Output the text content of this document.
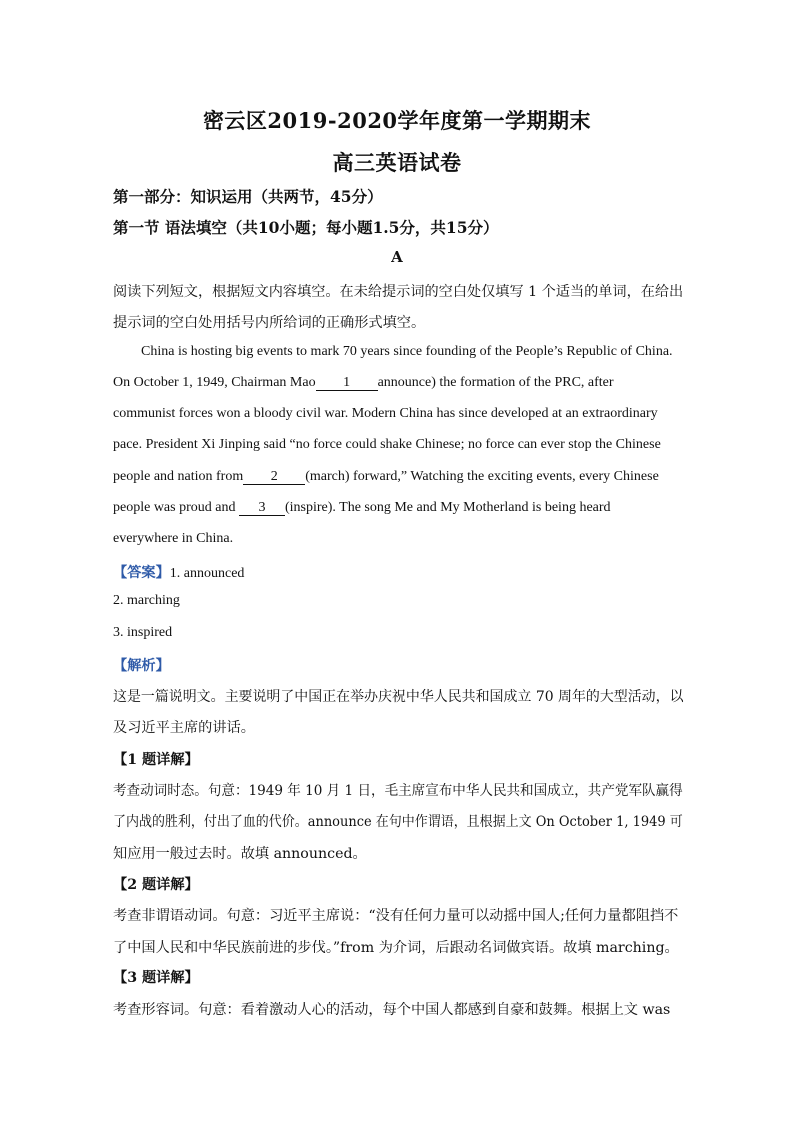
密云区2019-2020学年度第一学期期末
高三英语试卷
第一部分：知识运用（共两节，45分）
第一节 语法填空（共10小题；每小题1.5分，共15分）
A
阅读下列短文，根据短文内容填空。在未给提示词的空白处仅填写 1 个适当的单词，在给出
提示词的空白处用括号内所给词的正确形式填空。
China is hosting big events to mark 70 years since founding of the People’s Republic of China.
On October 1, 1949, Chairman Mao 1 announce) the formation of the PRC, after
communist forces won a bloody civil war. Modern China has since developed at an extraordinary
pace. President Xi Jinping said “no force could shake Chinese; no force can ever stop the Chinese
people and nation from 2 (march) forward,” Watching the exciting events, every Chinese
people was proud and 3 (inspire). The song Me and My Motherland is being heard
everywhere in China.
【答案】1. announced
2. marching
3. inspired
【解析】
这是一篇说明文。主要说明了中国正在举办庆祝中华人民共和国成立 70 周年的大型活动，以
及习近平主席的讲话。
【1 题详解】
考查动词时态。句意：1949 年 10 月 1 日，毛主席宣布中华人民共和国成立，共产党军队赢得
了内战的胜利，付出了血的代价。announce 在句中作谓语，且根据上文 On October 1, 1949 可
知应用一般过去时。故填 announced。
【2 题详解】
考查非谓语动词。句意：习近平主席说：“没有任何力量可以动摇中国人;任何力量都阻挡不
了中国人民和中华民族前进的步伐。”from 为介词，后跟动名词做宾语。故填 marching。
【3 题详解】
考查形容词。句意：看着激动人心的活动，每个中国人都感到自豪和鼓舞。根据上文 was
